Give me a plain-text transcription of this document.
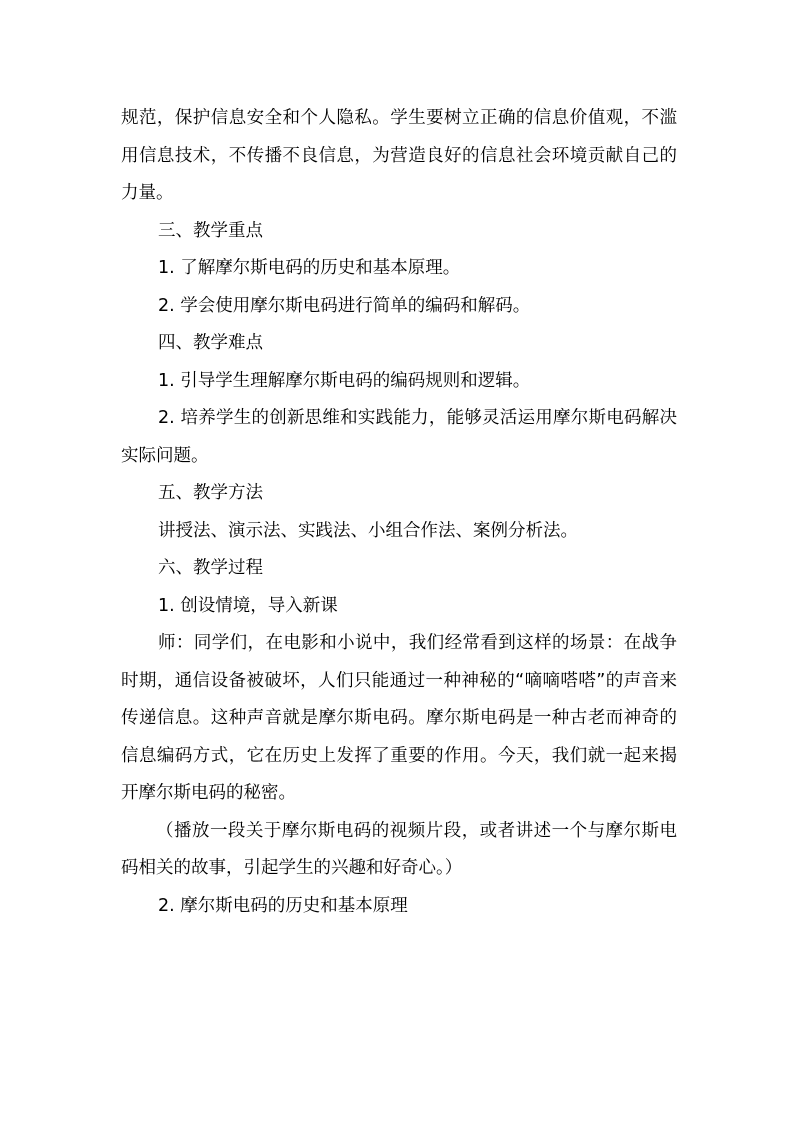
规范，保护信息安全和个人隐私。学生要树立正确的信息价值观，不滥用信息技术，不传播不良信息，为营造良好的信息社会环境贡献自己的力量。

三、教学重点

1. 了解摩尔斯电码的历史和基本原理。

2. 学会使用摩尔斯电码进行简单的编码和解码。

四、教学难点

1. 引导学生理解摩尔斯电码的编码规则和逻辑。

2. 培养学生的创新思维和实践能力，能够灵活运用摩尔斯电码解决实际问题。

五、教学方法

讲授法、演示法、实践法、小组合作法、案例分析法。

六、教学过程

1. 创设情境，导入新课

师：同学们，在电影和小说中，我们经常看到这样的场景：在战争时期，通信设备被破坏，人们只能通过一种神秘的“嘀嘀嗒嗒”的声音来传递信息。这种声音就是摩尔斯电码。摩尔斯电码是一种古老而神奇的信息编码方式，它在历史上发挥了重要的作用。今天，我们就一起来揭开摩尔斯电码的秘密。

（播放一段关于摩尔斯电码的视频片段，或者讲述一个与摩尔斯电码相关的故事，引起学生的兴趣和好奇心。）

2. 摩尔斯电码的历史和基本原理
